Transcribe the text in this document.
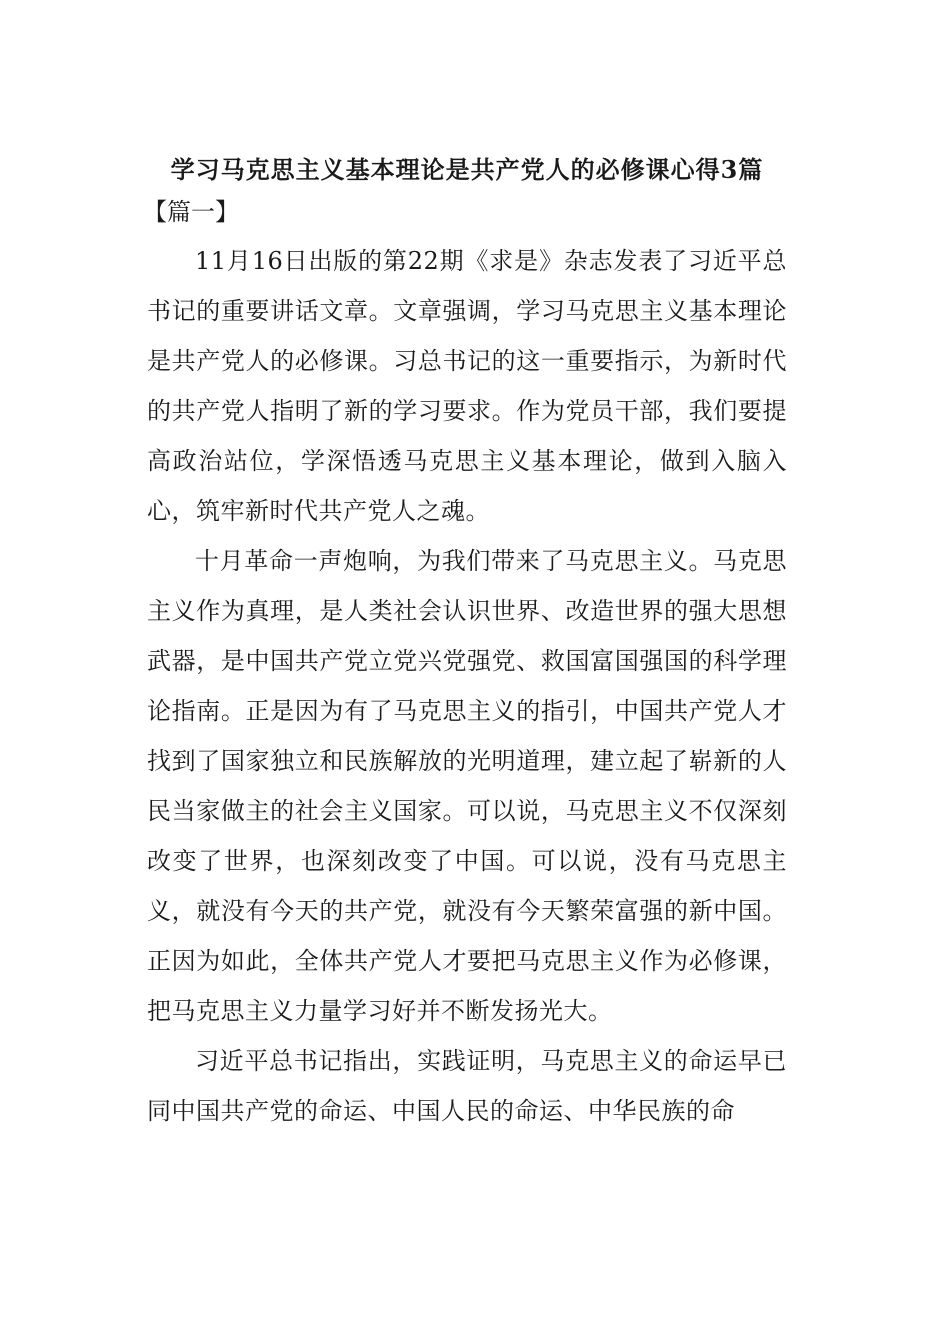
学习马克思主义基本理论是共产党人的必修课心得3篇
【篇一】

11月16日出版的第22期《求是》杂志发表了习近平总书记的重要讲话文章。文章强调，学习马克思主义基本理论是共产党人的必修课。习总书记的这一重要指示，为新时代的共产党人指明了新的学习要求。作为党员干部，我们要提高政治站位，学深悟透马克思主义基本理论，做到入脑入心，筑牢新时代共产党人之魂。

十月革命一声炮响，为我们带来了马克思主义。马克思主义作为真理，是人类社会认识世界、改造世界的强大思想武器，是中国共产党立党兴党强党、救国富国强国的科学理论指南。正是因为有了马克思主义的指引，中国共产党人才找到了国家独立和民族解放的光明道理，建立起了崭新的人民当家做主的社会主义国家。可以说，马克思主义不仅深刻改变了世界，也深刻改变了中国。可以说，没有马克思主义，就没有今天的共产党，就没有今天繁荣富强的新中国。正因为如此，全体共产党人才要把马克思主义作为必修课，把马克思主义力量学习好并不断发扬光大。

习近平总书记指出，实践证明，马克思主义的命运早已同中国共产党的命运、中国人民的命运、中华民族的命
